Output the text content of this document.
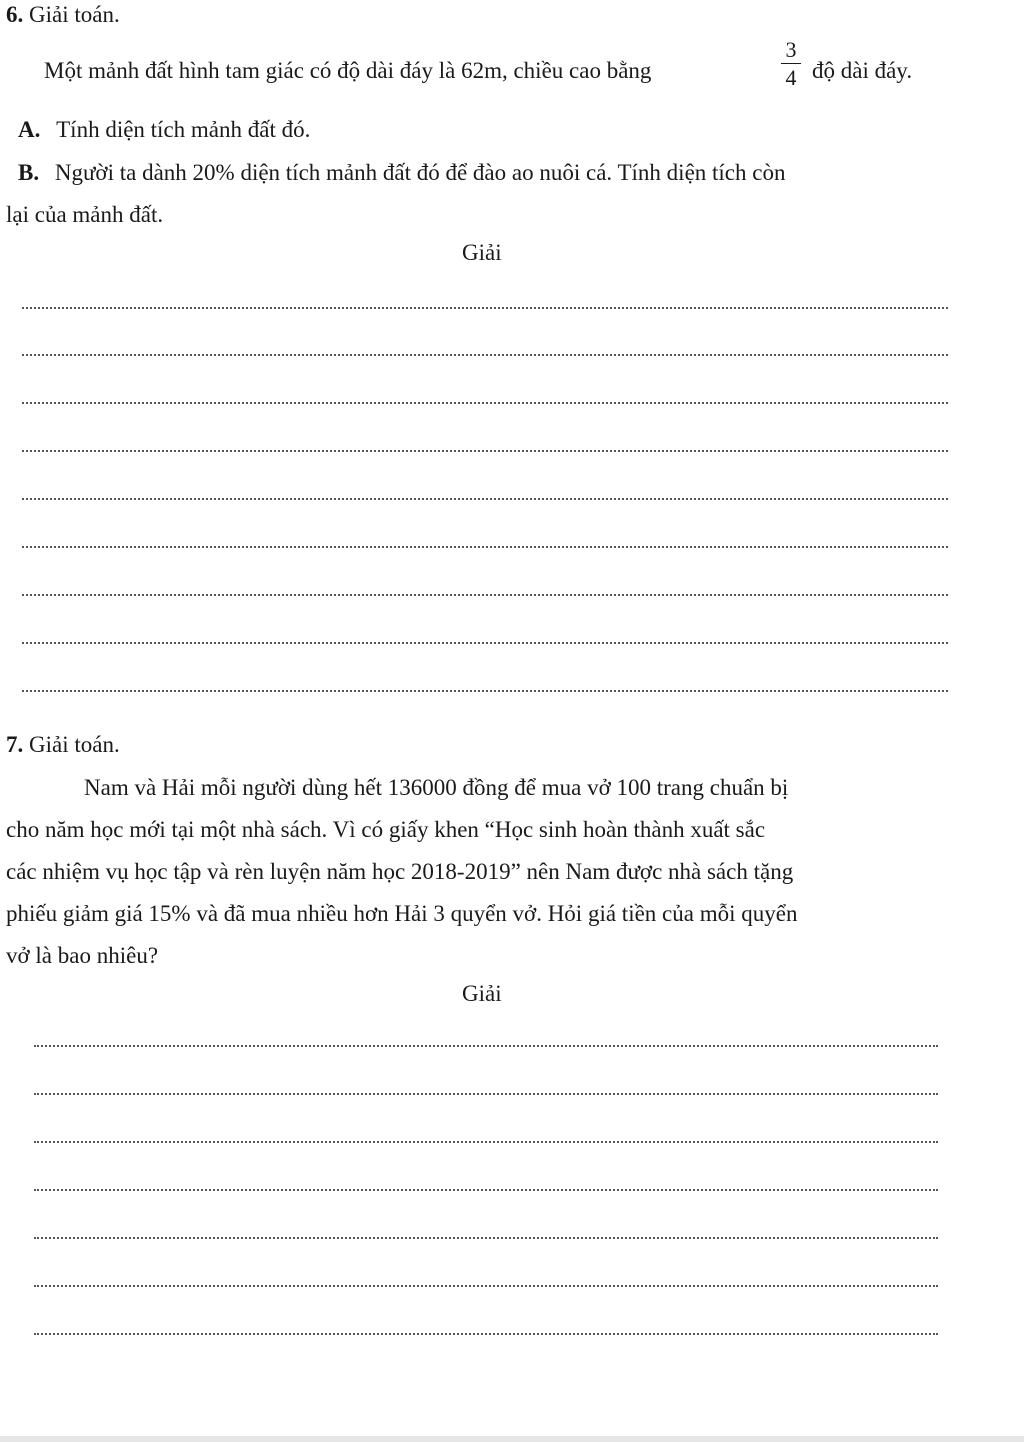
6. Giải toán.
Một mảnh đất hình tam giác có độ dài đáy là 62m, chiều cao bằng
3
4 độ dài đáy.
A. Tính diện tích mảnh đất đó.
B. Người ta dành 20% diện tích mảnh đất đó để đào ao nuôi cá. Tính diện tích còn
lại của mảnh đất.
Giải
7. Giải toán.
Nam và Hải mỗi người dùng hết 136000 đồng để mua vở 100 trang chuẩn bị
cho năm học mới tại một nhà sách. Vì có giấy khen “Học sinh hoàn thành xuất sắc
các nhiệm vụ học tập và rèn luyện năm học 2018-2019” nên Nam được nhà sách tặng
phiếu giảm giá 15% và đã mua nhiều hơn Hải 3 quyển vở. Hỏi giá tiền của mỗi quyển
vở là bao nhiêu?
Giải
